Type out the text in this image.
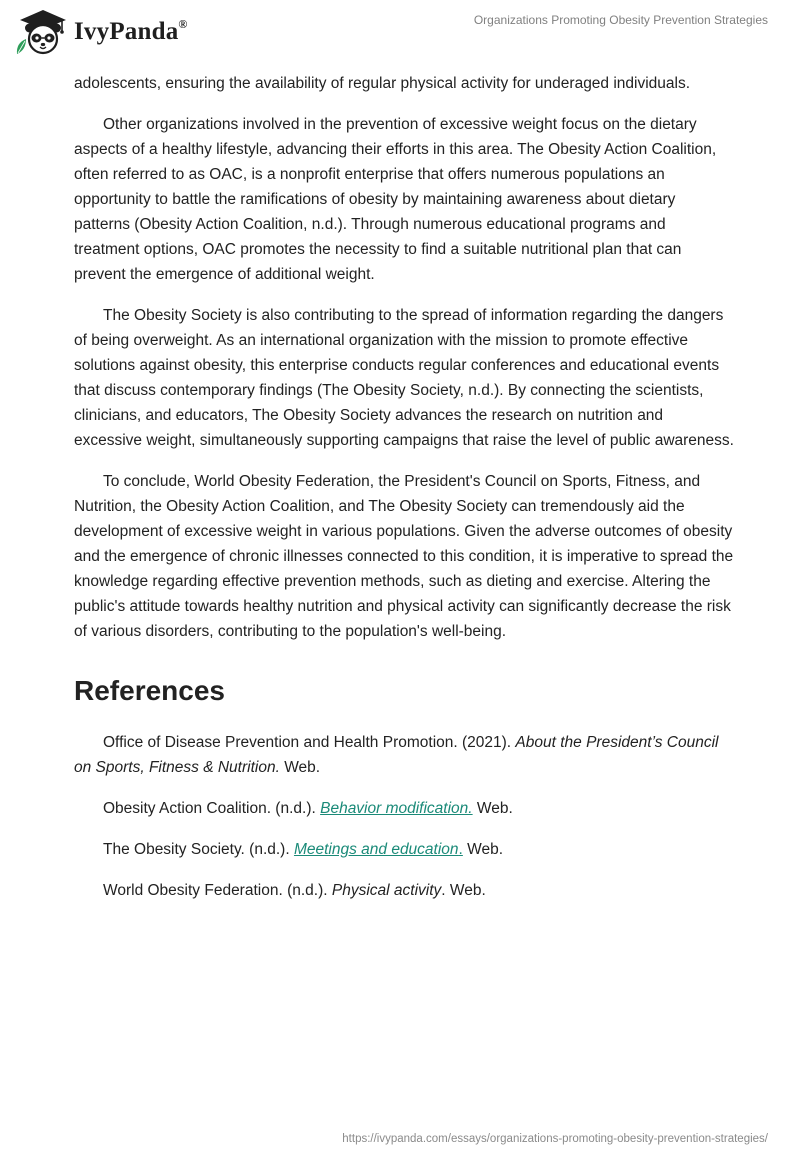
IvyPanda®	Organizations Promoting Obesity Prevention Strategies

adolescents, ensuring the availability of regular physical activity for underaged individuals.

Other organizations involved in the prevention of excessive weight focus on the dietary aspects of a healthy lifestyle, advancing their efforts in this area. The Obesity Action Coalition, often referred to as OAC, is a nonprofit enterprise that offers numerous populations an opportunity to battle the ramifications of obesity by maintaining awareness about dietary patterns (Obesity Action Coalition, n.d.). Through numerous educational programs and treatment options, OAC promotes the necessity to find a suitable nutritional plan that can prevent the emergence of additional weight.

The Obesity Society is also contributing to the spread of information regarding the dangers of being overweight. As an international organization with the mission to promote effective solutions against obesity, this enterprise conducts regular conferences and educational events that discuss contemporary findings (The Obesity Society, n.d.). By connecting the scientists, clinicians, and educators, The Obesity Society advances the research on nutrition and excessive weight, simultaneously supporting campaigns that raise the level of public awareness.

To conclude, World Obesity Federation, the President's Council on Sports, Fitness, and Nutrition, the Obesity Action Coalition, and The Obesity Society can tremendously aid the development of excessive weight in various populations. Given the adverse outcomes of obesity and the emergence of chronic illnesses connected to this condition, it is imperative to spread the knowledge regarding effective prevention methods, such as dieting and exercise. Altering the public's attitude towards healthy nutrition and physical activity can significantly decrease the risk of various disorders, contributing to the population's well-being.

References

Office of Disease Prevention and Health Promotion. (2021). About the President’s Council on Sports, Fitness & Nutrition. Web.

Obesity Action Coalition. (n.d.). Behavior modification. Web.

The Obesity Society. (n.d.). Meetings and education. Web.

World Obesity Federation. (n.d.). Physical activity. Web.

https://ivypanda.com/essays/organizations-promoting-obesity-prevention-strategies/
